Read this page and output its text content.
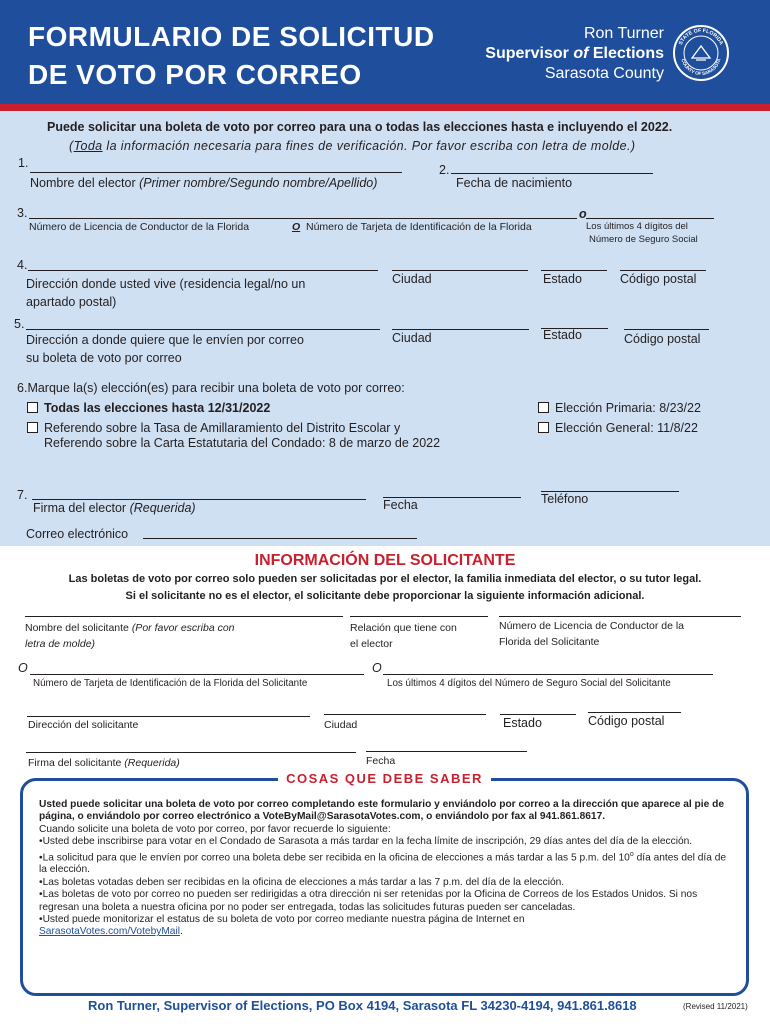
FORMULARIO DE SOLICITUD
DE VOTO POR CORREO
Ron Turner
Supervisor of Elections
Sarasota County
STATE OF FLORIDA
COUNTY OF SARASOTA
Puede solicitar una boleta de voto por correo para una o todas las elecciones hasta e incluyendo el 2022.
(Toda la información necesaria para fines de verificación. Por favor escriba con letra de molde.)
1.
Nombre del elector (Primer nombre/Segundo nombre/Apellido)
2.
Fecha de nacimiento
3.	o
Número de Licencia de Conductor de la Florida	O Número de Tarjeta de Identificación de la Florida	Los últimos 4 dígitos del
Número de Seguro Social
4.
Dirección donde usted vive (residencia legal/no un
apartado postal)
Ciudad	Estado	Código postal
5.
Dirección a donde quiere que le envíen por correo
su boleta de voto por correo
Ciudad	Estado	Código postal
6.Marque la(s) elección(es) para recibir una boleta de voto por correo:
Todas las elecciones hasta 12/31/2022
Referendo sobre la Tasa de Amillaramiento del Distrito Escolar y
Referendo sobre la Carta Estatutaria del Condado: 8 de marzo de 2022
Elección Primaria: 8/23/22
Elección General: 11/8/22
7.
Firma del elector (Requerida)	Fecha	Teléfono
Correo electrónico
INFORMACIÓN DEL SOLICITANTE
Las boletas de voto por correo solo pueden ser solicitadas por el elector, la familia inmediata del elector, o su tutor legal.
Si el solicitante no es el elector, el solicitante debe proporcionar la siguiente información adicional.
Nombre del solicitante (Por favor escriba con
letra de molde)
Relación que tiene con
el elector
Número de Licencia de Conductor de la
Florida del Solicitante
O	O
Número de Tarjeta de Identificación de la Florida del Solicitante	Los últimos 4 dígitos del Número de Seguro Social del Solicitante
Dirección del solicitante	Ciudad	Estado	Código postal
Firma del solicitante (Requerida)	Fecha
COSAS QUE DEBE SABER
Usted puede solicitar una boleta de voto por correo completando este formulario y enviándolo por correo a la dirección que aparece al pie de página, o enviándolo por correo electrónico a VoteByMail@SarasotaVotes.com, o enviándolo por fax al 941.861.8617.
Cuando solicite una boleta de voto por correo, por favor recuerde lo siguiente:
•Usted debe inscribirse para votar en el Condado de Sarasota a más tardar en la fecha límite de inscripción, 29 días antes del día de la elección.
•La solicitud para que le envíen por correo una boleta debe ser recibida en la oficina de elecciones a más tardar a las 5 p.m. del 10$^o$ día antes del día de la elección.
•Las boletas votadas deben ser recibidas en la oficina de elecciones a más tardar a las 7 p.m. del día de la elección.
•Las boletas de voto por correo no pueden ser redirigidas a otra dirección ni ser retenidas por la Oficina de Correos de los Estados Unidos. Si nos regresan una boleta a nuestra oficina por no poder ser entregada, todas las solicitudes futuras pueden ser canceladas.
•Usted puede monitorizar el estatus de su boleta de voto por correo mediante nuestra página de Internet en
SarasotaVotes.com/VotebyMail.
Ron Turner, Supervisor of Elections, PO Box 4194, Sarasota FL 34230-4194, 941.861.8618	(Revised 11/2021)
